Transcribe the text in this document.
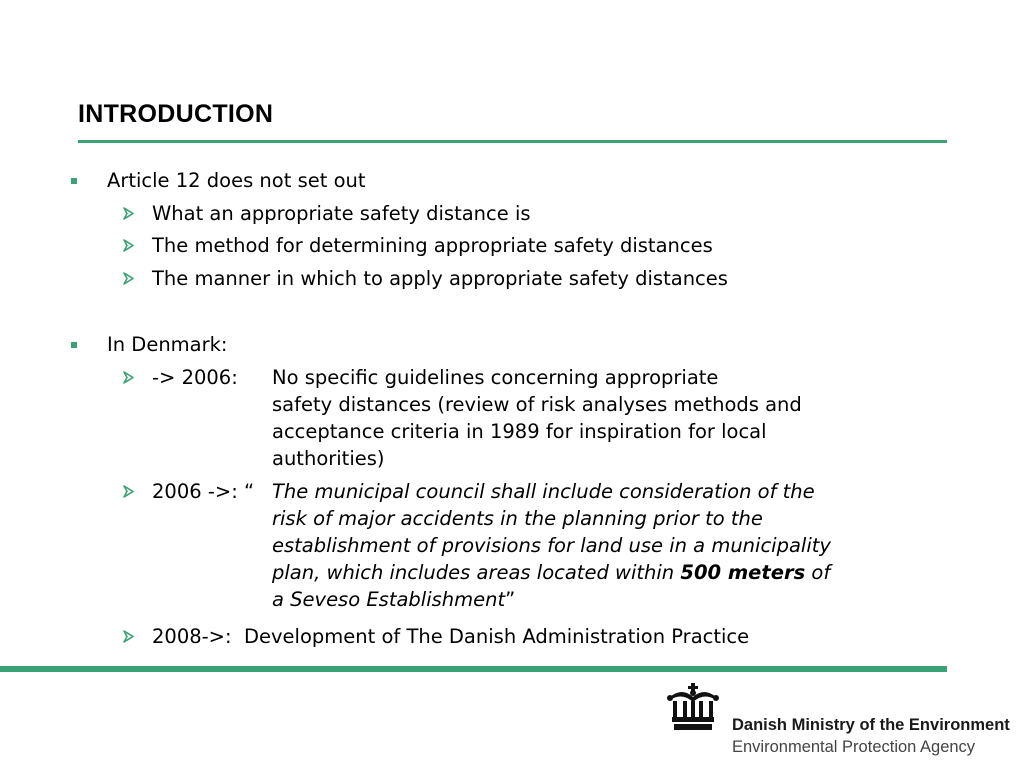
INTRODUCTION
Article 12 does not set out
What an appropriate safety distance is
The method for determining appropriate safety distances
The manner in which to apply appropriate safety distances
In Denmark:
-> 2006: No specific guidelines concerning appropriate
safety distances (review of risk analyses methods and
acceptance criteria in 1989 for inspiration for local
authorities)
2006 ->: “ The municipal council shall include consideration of the
risk of major accidents in the planning prior to the
establishment of provisions for land use in a municipality
plan, which includes areas located within 500 meters of
a Seveso Establishment”
2008->: Development of The Danish Administration Practice
Danish Ministry of the Environment
Environmental Protection Agency
